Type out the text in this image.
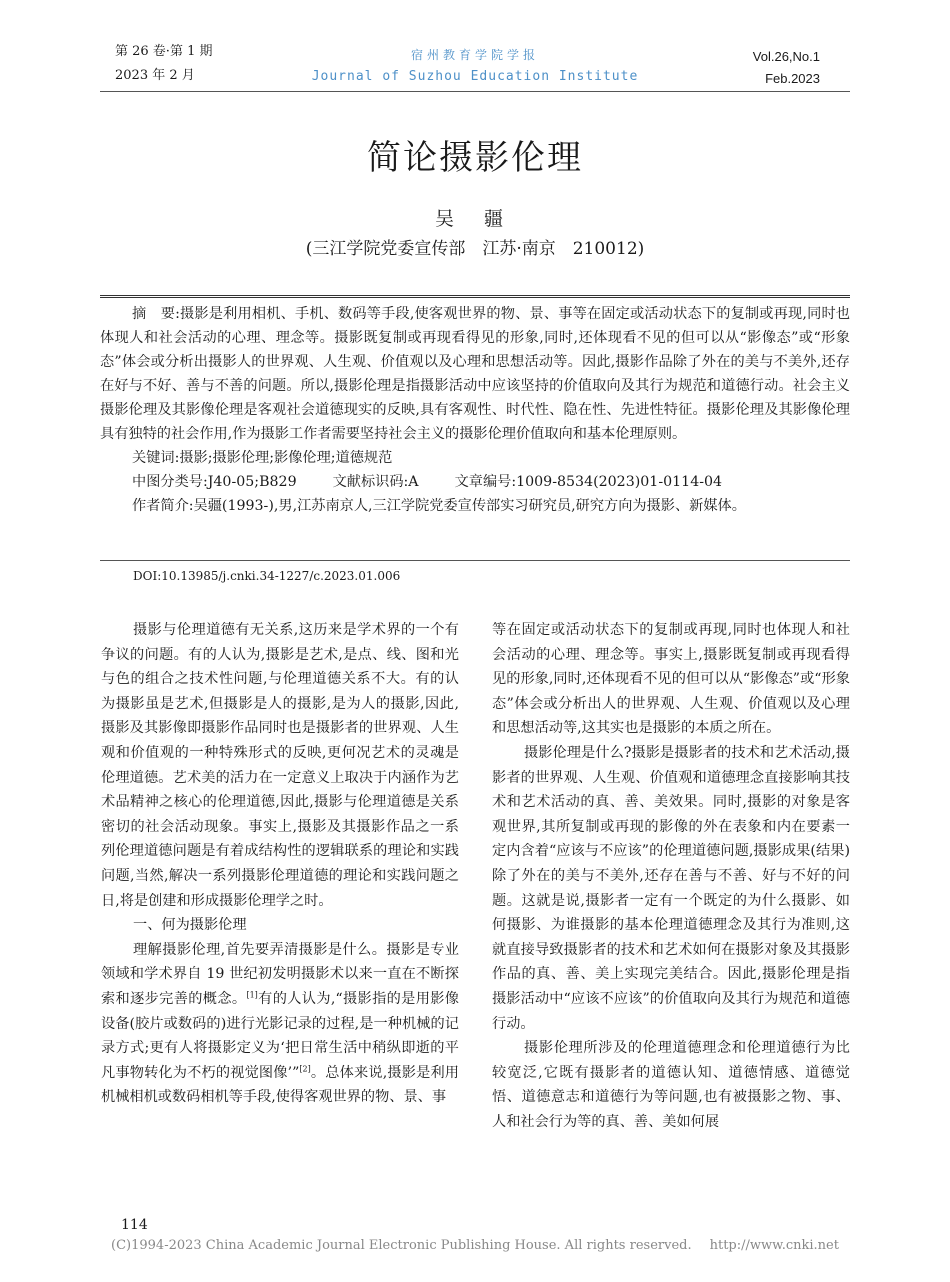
第 26 卷·第 1 期
2023 年 2 月
宿州教育学院学报
Journal of Suzhou Education Institute
Vol.26,No.1
Feb.2023
简论摄影伦理
吴 疆
(三江学院党委宣传部　江苏·南京　210012)

摘　要:摄影是利用相机、手机、数码等手段,使客观世界的物、景、事等在固定或活动状态下的复制或再现,同时也体现人和社会活动的心理、理念等。摄影既复制或再现看得见的形象,同时,还体现看不见的但可以从“影像态”或“形象态”体会或分析出摄影人的世界观、人生观、价值观以及心理和思想活动等。因此,摄影作品除了外在的美与不美外,还存在好与不好、善与不善的问题。所以,摄影伦理是指摄影活动中应该坚持的价值取向及其行为规范和道德行动。社会主义摄影伦理及其影像伦理是客观社会道德现实的反映,具有客观性、时代性、隐在性、先进性特征。摄影伦理及其影像伦理具有独特的社会作用,作为摄影工作者需要坚持社会主义的摄影伦理价值取向和基本伦理原则。

关键词:摄影;摄影伦理;影像伦理;道德规范

中图分类号:J40-05;B829	文献标识码:A	文章编号:1009-8534(2023)01-0114-04

作者简介:吴疆(1993-),男,江苏南京人,三江学院党委宣传部实习研究员,研究方向为摄影、新媒体。

DOI:10.13985/j.cnki.34-1227/c.2023.01.006

摄影与伦理道德有无关系,这历来是学术界的一个有争议的问题。有的人认为,摄影是艺术,是点、线、图和光与色的组合之技术性问题,与伦理道德关系不大。有的认为摄影虽是艺术,但摄影是人的摄影,是为人的摄影,因此,摄影及其影像即摄影作品同时也是摄影者的世界观、人生观和价值观的一种特殊形式的反映,更何况艺术的灵魂是伦理道德。艺术美的活力在一定意义上取决于内涵作为艺术品精神之核心的伦理道德,因此,摄影与伦理道德是关系密切的社会活动现象。事实上,摄影及其摄影作品之一系列伦理道德问题是有着成结构性的逻辑联系的理论和实践问题,当然,解决一系列摄影伦理道德的理论和实践问题之日,将是创建和形成摄影伦理学之时。

一、何为摄影伦理

理解摄影伦理,首先要弄清摄影是什么。摄影是专业领域和学术界自 19 世纪初发明摄影术以来一直在不断探索和逐步完善的概念。[1]有的人认为,“摄影指的是用影像设备(胶片或数码的)进行光影记录的过程,是一种机械的记录方式;更有人将摄影定义为‘把日常生活中稍纵即逝的平凡事物转化为不朽的视觉图像’”[2]。总体来说,摄影是利用机械相机或数码相机等手段,使得客观世界的物、景、事

等在固定或活动状态下的复制或再现,同时也体现人和社会活动的心理、理念等。事实上,摄影既复制或再现看得见的形象,同时,还体现看不见的但可以从“影像态”或“形象态”体会或分析出人的世界观、人生观、价值观以及心理和思想活动等,这其实也是摄影的本质之所在。

摄影伦理是什么?摄影是摄影者的技术和艺术活动,摄影者的世界观、人生观、价值观和道德理念直接影响其技术和艺术活动的真、善、美效果。同时,摄影的对象是客观世界,其所复制或再现的影像的外在表象和内在要素一定内含着“应该与不应该”的伦理道德问题,摄影成果(结果)除了外在的美与不美外,还存在善与不善、好与不好的问题。这就是说,摄影者一定有一个既定的为什么摄影、如何摄影、为谁摄影的基本伦理道德理念及其行为准则,这就直接导致摄影者的技术和艺术如何在摄影对象及其摄影作品的真、善、美上实现完美结合。因此,摄影伦理是指摄影活动中“应该不应该”的价值取向及其行为规范和道德行动。

摄影伦理所涉及的伦理道德理念和伦理道德行为比较宽泛,它既有摄影者的道德认知、道德情感、道德觉悟、道德意志和道德行为等问题,也有被摄影之物、事、人和社会行为等的真、善、美如何展

114
(C)1994-2023 China Academic Journal Electronic Publishing House. All rights reserved. http://www.cnki.net
